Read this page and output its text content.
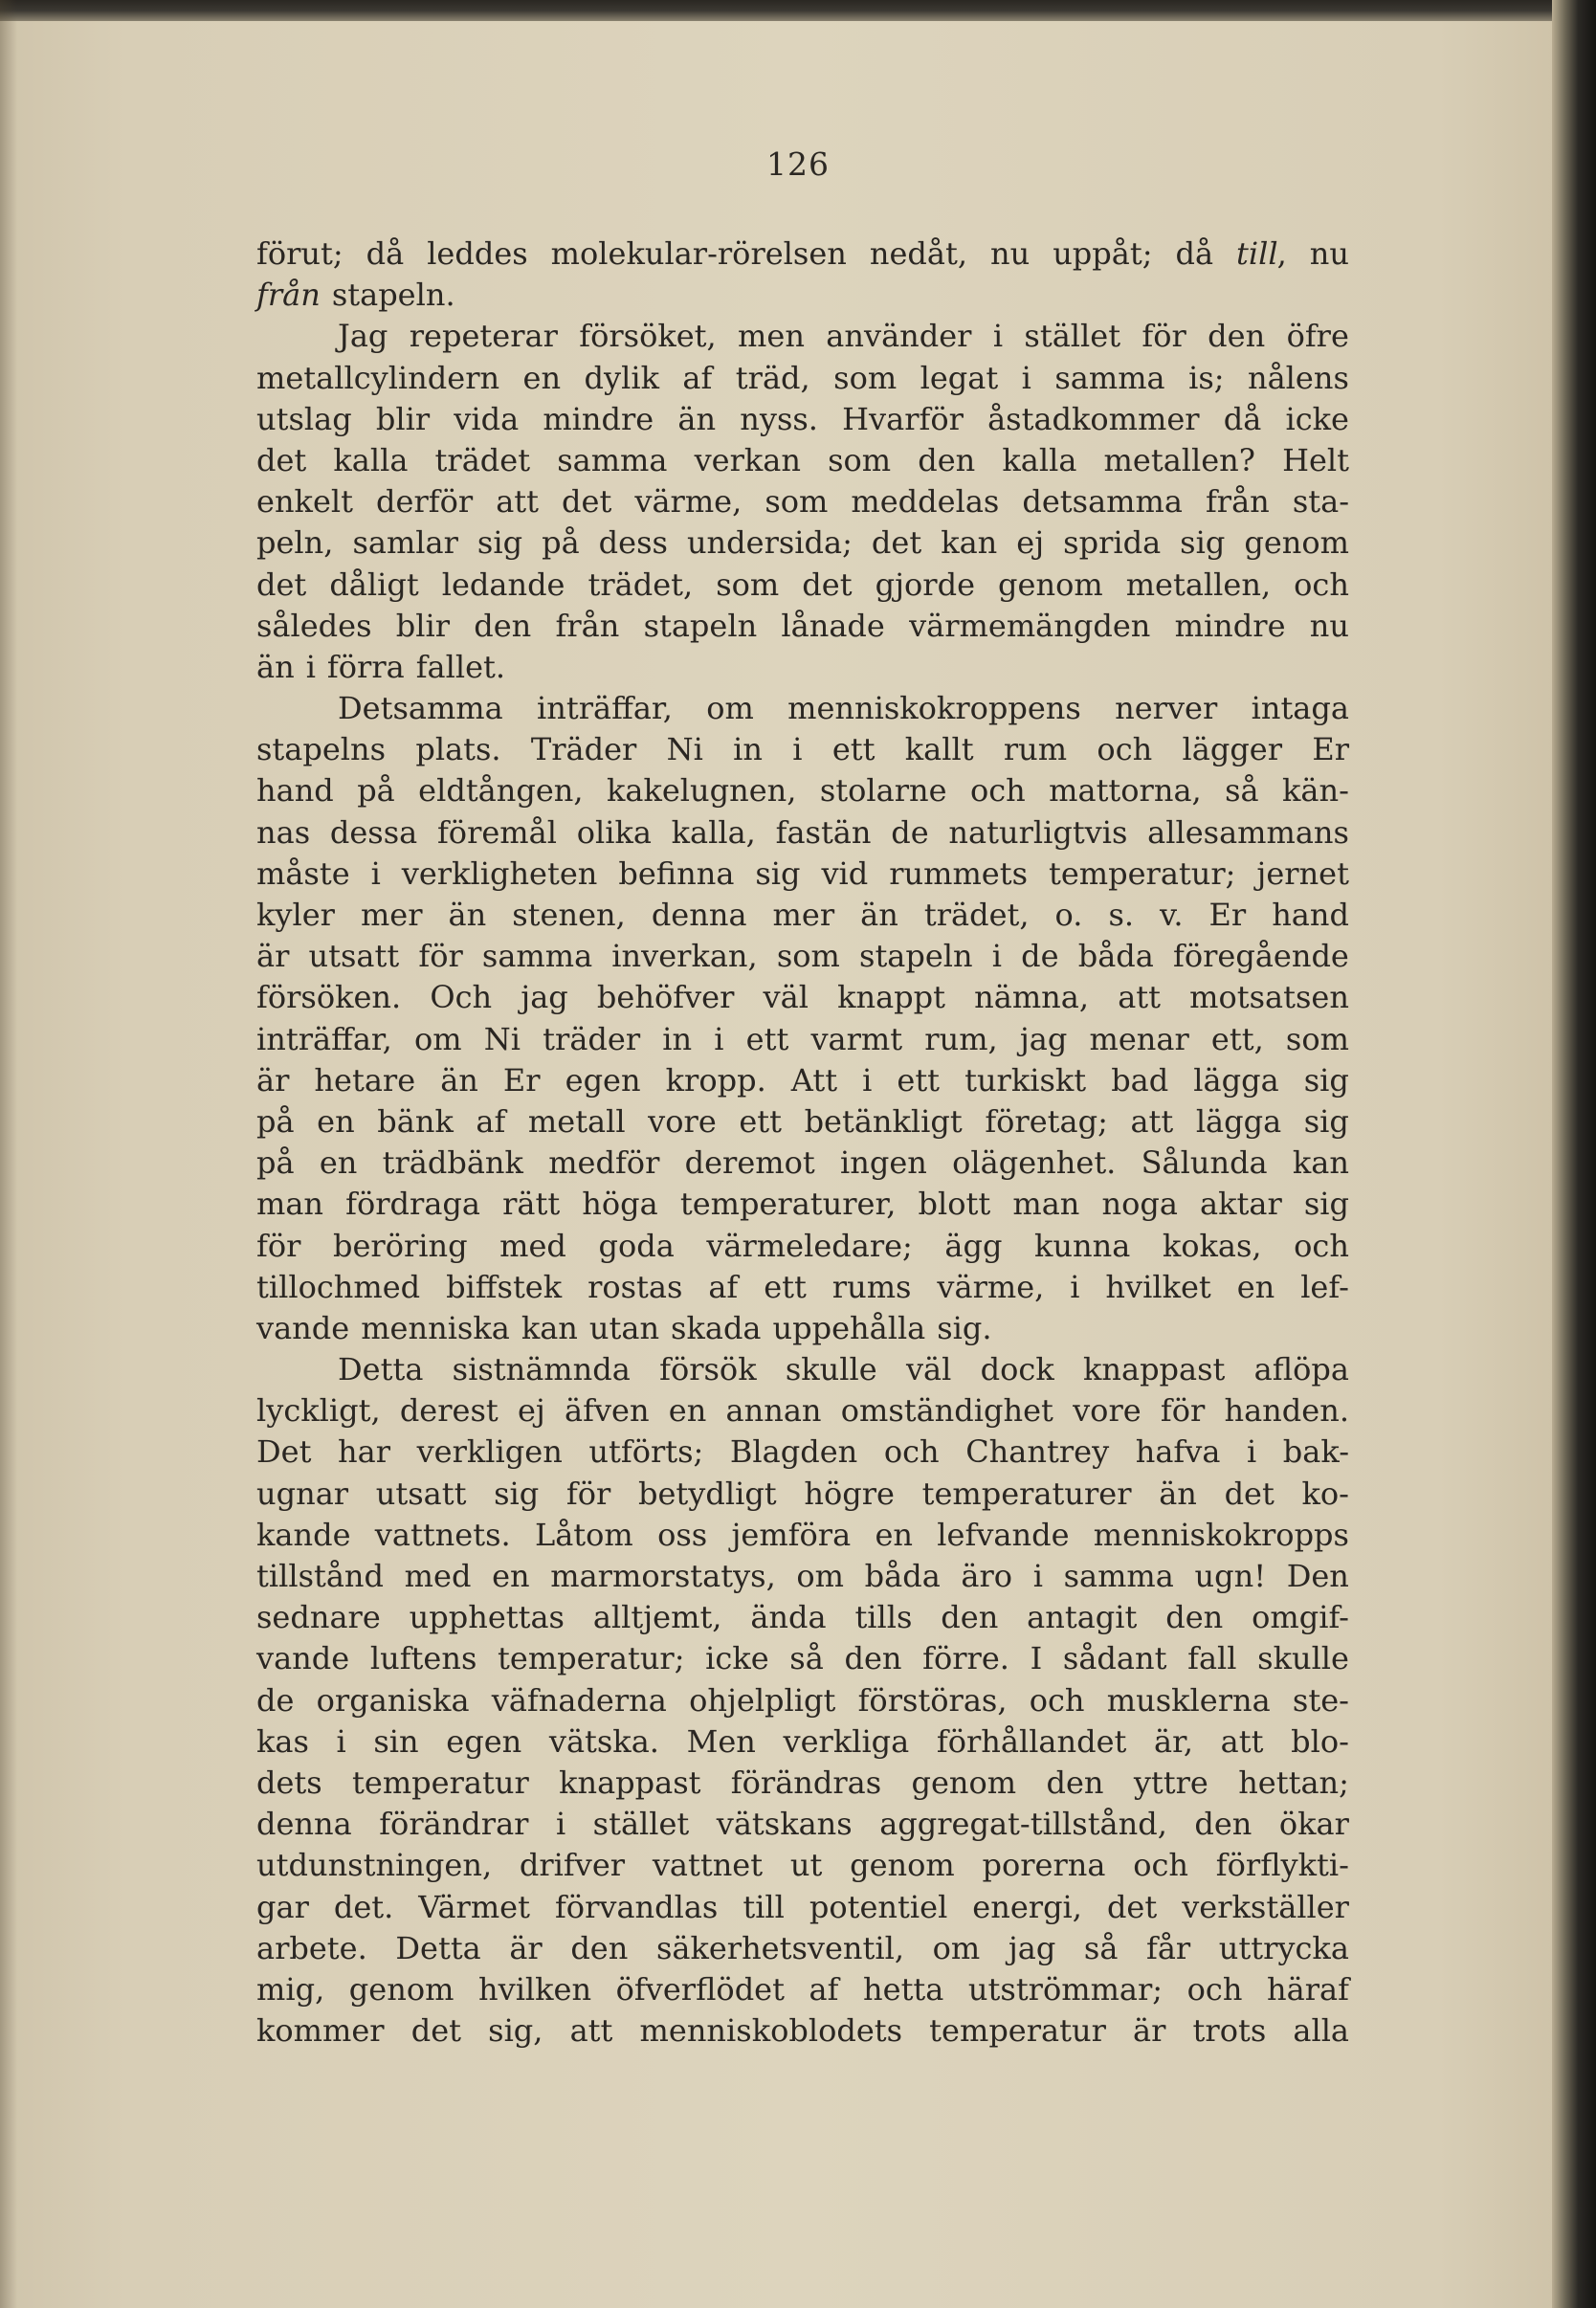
126
förut; då leddes molekular-rörelsen nedåt, nu uppåt; då till, nu
från stapeln.
Jag repeterar försöket, men använder i stället för den öfre
metallcylindern en dylik af träd, som legat i samma is; nålens
utslag blir vida mindre än nyss. Hvarför åstadkommer då icke
det kalla trädet samma verkan som den kalla metallen? Helt
enkelt derför att det värme, som meddelas detsamma från sta-
peln, samlar sig på dess undersida; det kan ej sprida sig genom
det dåligt ledande trädet, som det gjorde genom metallen, och
således blir den från stapeln lånade värmemängden mindre nu
än i förra fallet.
Detsamma inträffar, om menniskokroppens nerver intaga
stapelns plats. Träder Ni in i ett kallt rum och lägger Er
hand på eldtången, kakelugnen, stolarne och mattorna, så kän-
nas dessa föremål olika kalla, fastän de naturligtvis allesammans
måste i verkligheten befinna sig vid rummets temperatur; jernet
kyler mer än stenen, denna mer än trädet, o. s. v. Er hand
är utsatt för samma inverkan, som stapeln i de båda föregående
försöken. Och jag behöfver väl knappt nämna, att motsatsen
inträffar, om Ni träder in i ett varmt rum, jag menar ett, som
är hetare än Er egen kropp. Att i ett turkiskt bad lägga sig
på en bänk af metall vore ett betänkligt företag; att lägga sig
på en trädbänk medför deremot ingen olägenhet. Sålunda kan
man fördraga rätt höga temperaturer, blott man noga aktar sig
för beröring med goda värmeledare; ägg kunna kokas, och
tillochmed biffstek rostas af ett rums värme, i hvilket en lef-
vande menniska kan utan skada uppehålla sig.
Detta sistnämnda försök skulle väl dock knappast aflöpa
lyckligt, derest ej äfven en annan omständighet vore för handen.
Det har verkligen utförts; Blagden och Chantrey hafva i bak-
ugnar utsatt sig för betydligt högre temperaturer än det ko-
kande vattnets. Låtom oss jemföra en lefvande menniskokropps
tillstånd med en marmorstatys, om båda äro i samma ugn! Den
sednare upphettas alltjemt, ända tills den antagit den omgif-
vande luftens temperatur; icke så den förre. I sådant fall skulle
de organiska väfnaderna ohjelpligt förstöras, och musklerna ste-
kas i sin egen vätska. Men verkliga förhållandet är, att blo-
dets temperatur knappast förändras genom den yttre hettan;
denna förändrar i stället vätskans aggregat-tillstånd, den ökar
utdunstningen, drifver vattnet ut genom porerna och förflykti-
gar det. Värmet förvandlas till potentiel energi, det verkställer
arbete. Detta är den säkerhetsventil, om jag så får uttrycka
mig, genom hvilken öfverflödet af hetta utströmmar; och häraf
kommer det sig, att menniskoblodets temperatur är trots alla
